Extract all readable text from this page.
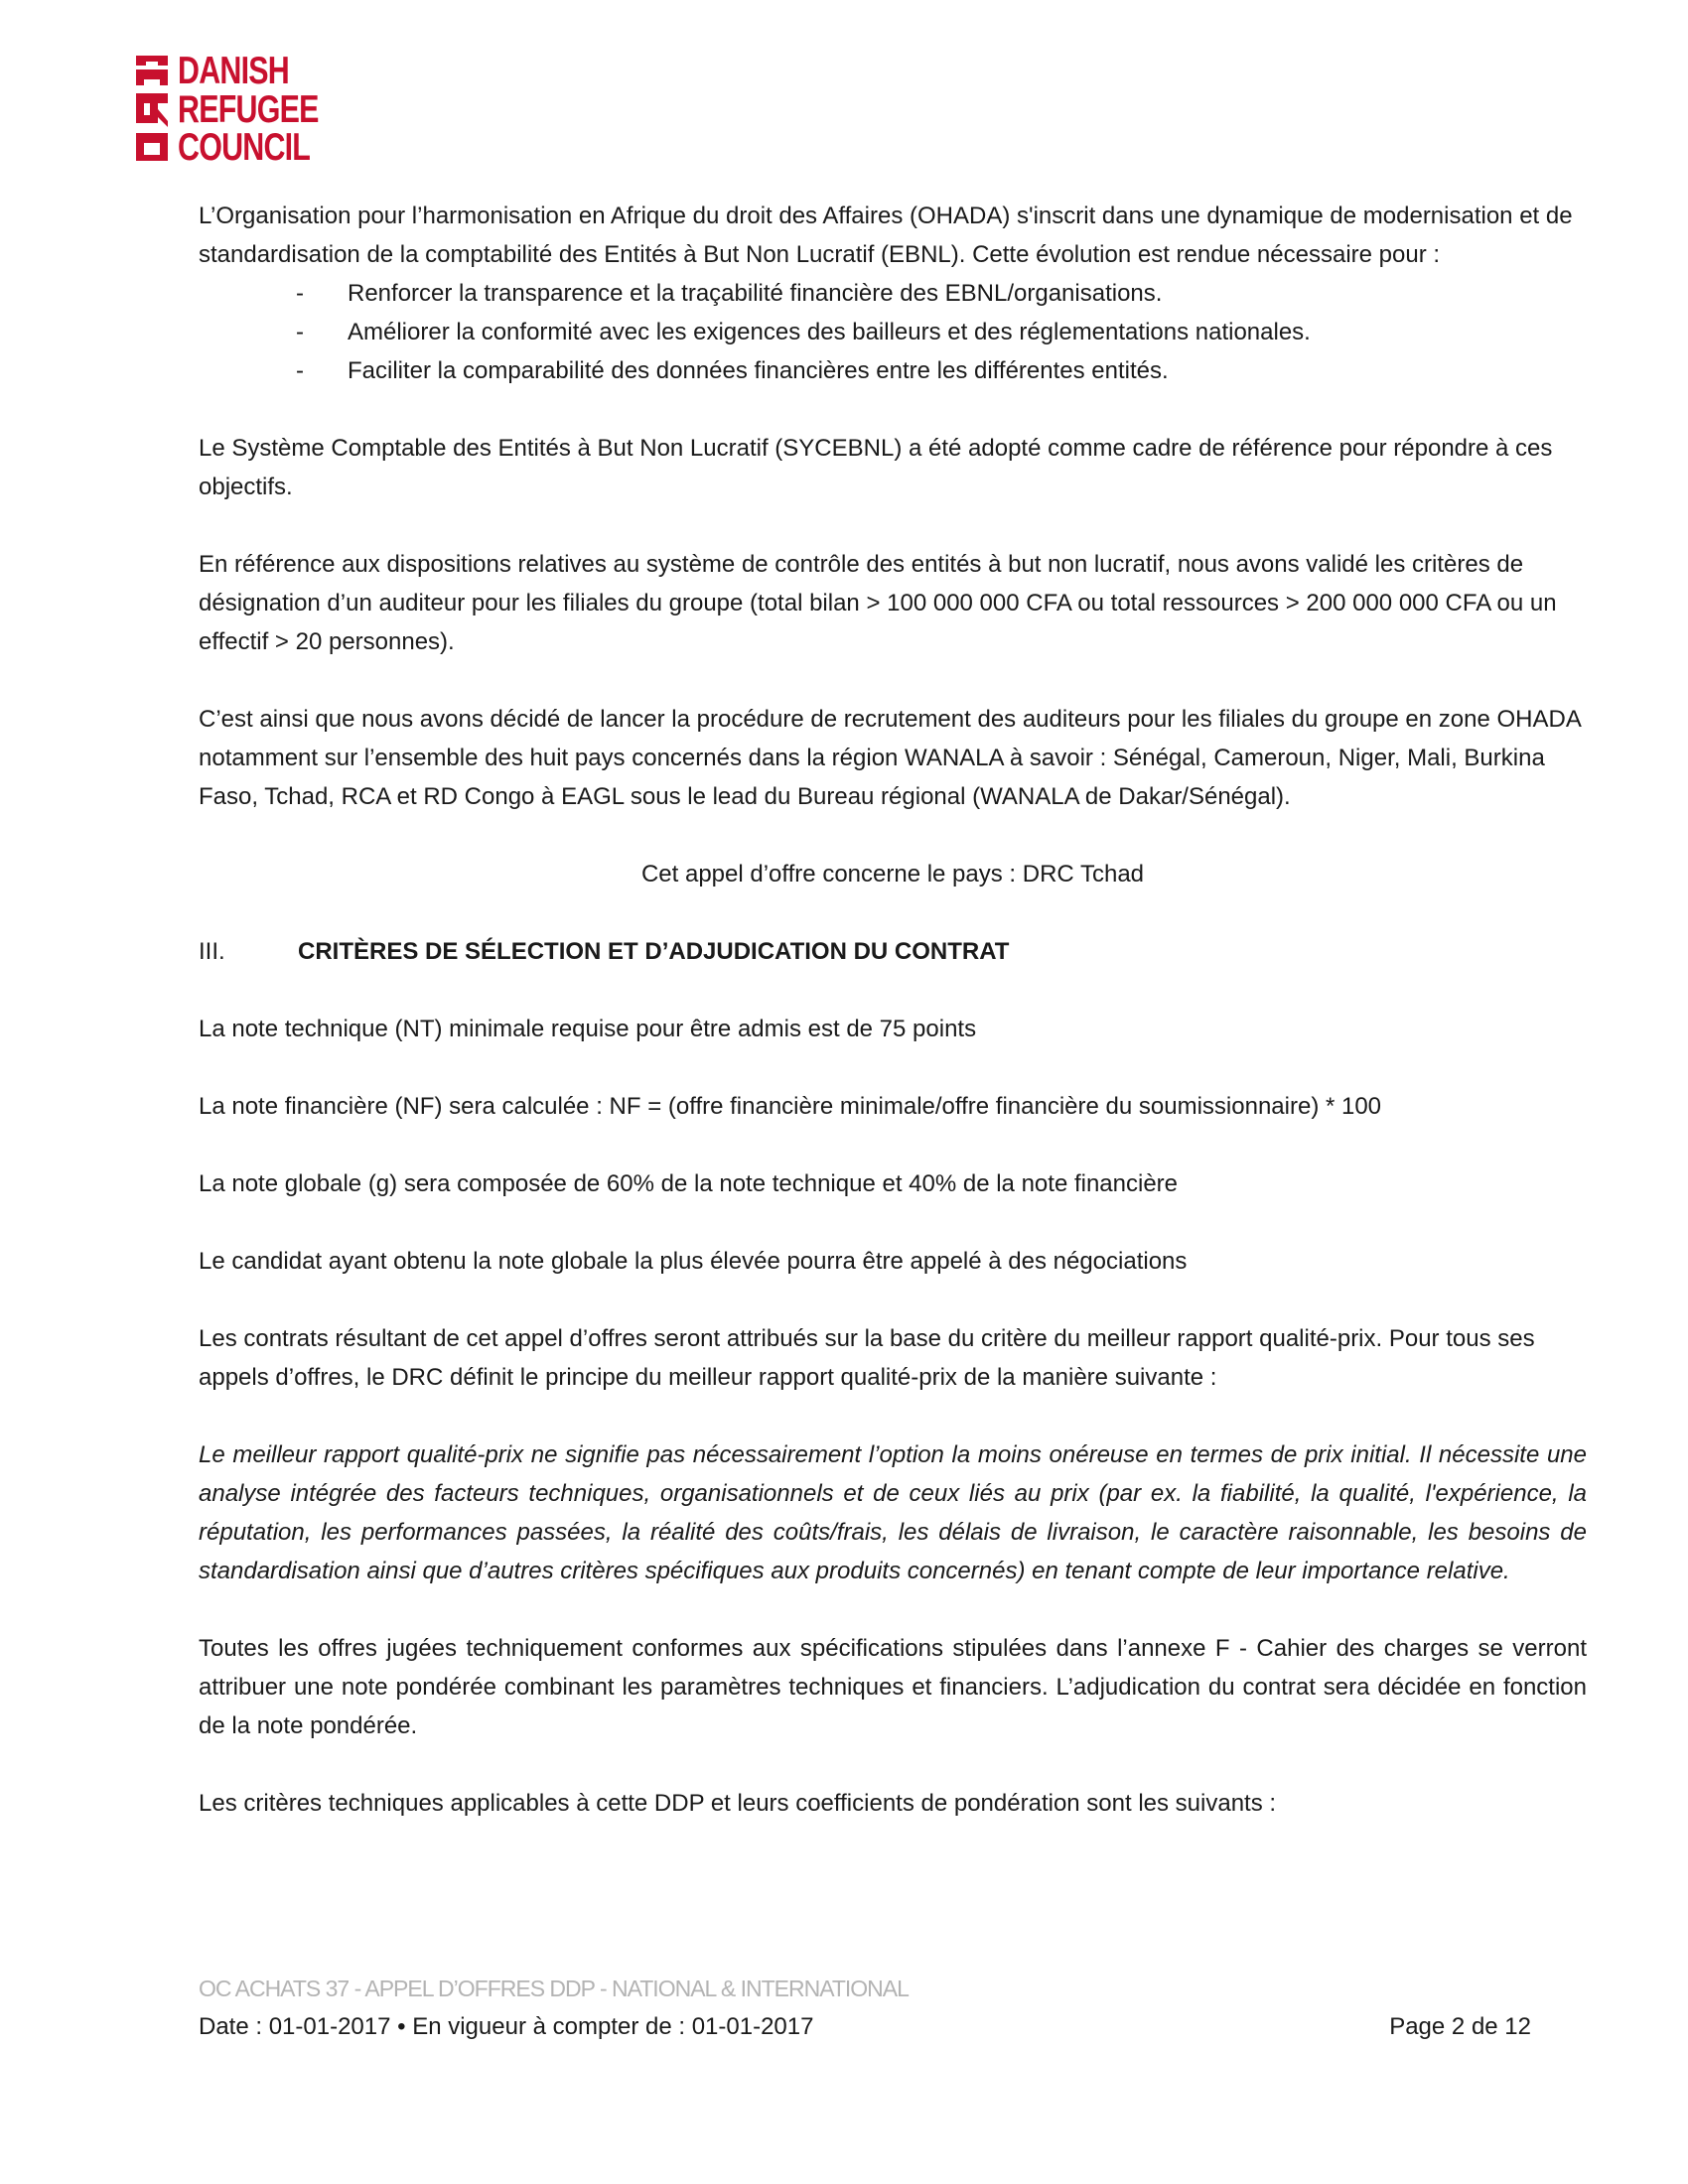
DANISH
REFUGEE
COUNCIL

L’Organisation pour l’harmonisation en Afrique du droit des Affaires (OHADA) s'inscrit dans une dynamique de modernisation et de standardisation de la comptabilité des Entités à But Non Lucratif (EBNL). Cette évolution est rendue nécessaire pour :

- Renforcer la transparence et la traçabilité financière des EBNL/organisations.
- Améliorer la conformité avec les exigences des bailleurs et des réglementations nationales.
- Faciliter la comparabilité des données financières entre les différentes entités.

Le Système Comptable des Entités à But Non Lucratif (SYCEBNL) a été adopté comme cadre de référence pour répondre à ces objectifs.

En référence aux dispositions relatives au système de contrôle des entités à but non lucratif, nous avons validé les critères de désignation d’un auditeur pour les filiales du groupe (total bilan > 100 000 000 CFA ou total ressources > 200 000 000 CFA ou un effectif > 20 personnes).

C’est ainsi que nous avons décidé de lancer la procédure de recrutement des auditeurs pour les filiales du groupe en zone OHADA notamment sur l’ensemble des huit pays concernés dans la région WANALA à savoir : Sénégal, Cameroun, Niger, Mali, Burkina Faso, Tchad, RCA et RD Congo à EAGL sous le lead du Bureau régional (WANALA de Dakar/Sénégal).

Cet appel d’offre concerne le pays : DRC Tchad

III.	CRITÈRES DE SÉLECTION ET D’ADJUDICATION DU CONTRAT

La note technique (NT) minimale requise pour être admis est de 75 points

La note financière (NF) sera calculée : NF = (offre financière minimale/offre financière du soumissionnaire) * 100

La note globale (g) sera composée de 60% de la note technique et 40% de la note financière

Le candidat ayant obtenu la note globale la plus élevée pourra être appelé à des négociations

Les contrats résultant de cet appel d’offres seront attribués sur la base du critère du meilleur rapport qualité-prix. Pour tous ses appels d’offres, le DRC définit le principe du meilleur rapport qualité-prix de la manière suivante :

Le meilleur rapport qualité-prix ne signifie pas nécessairement l’option la moins onéreuse en termes de prix initial. Il nécessite une analyse intégrée des facteurs techniques, organisationnels et de ceux liés au prix (par ex. la fiabilité, la qualité, l'expérience, la réputation, les performances passées, la réalité des coûts/frais, les délais de livraison, le caractère raisonnable, les besoins de standardisation ainsi que d’autres critères spécifiques aux produits concernés) en tenant compte de leur importance relative.

Toutes les offres jugées techniquement conformes aux spécifications stipulées dans l’annexe F - Cahier des charges se verront attribuer une note pondérée combinant les paramètres techniques et financiers. L’adjudication du contrat sera décidée en fonction de la note pondérée.

Les critères techniques applicables à cette DDP et leurs coefficients de pondération sont les suivants :

OC ACHATS 37 - APPEL D’OFFRES DDP - NATIONAL & INTERNATIONAL
Date : 01-01-2017 • En vigueur à compter de : 01-01-2017	Page 2 de 12
